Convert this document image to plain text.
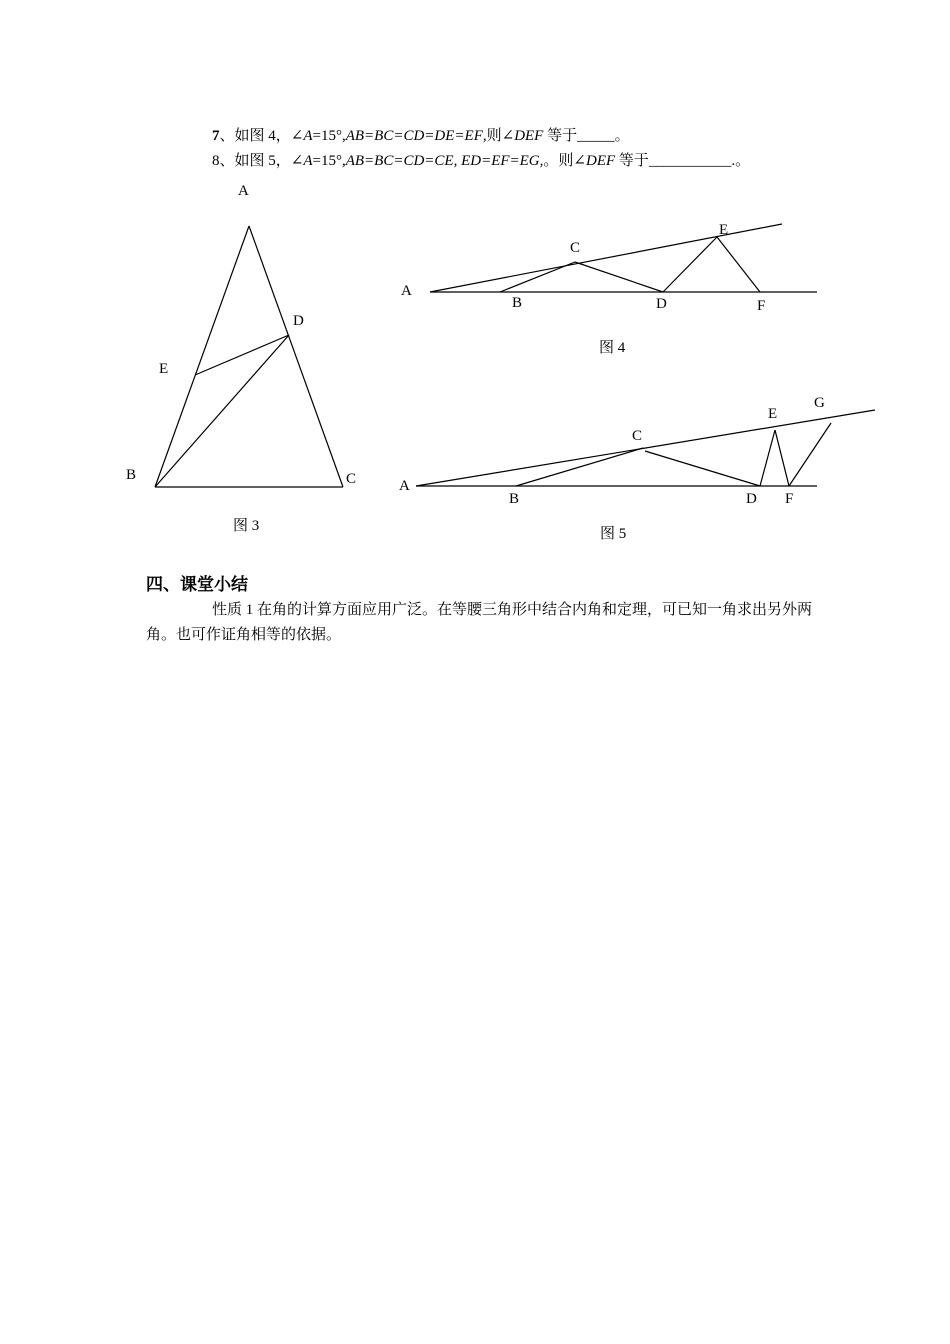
7、如图 4，∠A=15°,AB=BC=CD=DE=EF,则∠DEF 等于_____。
8、如图 5，∠A=15°,AB=BC=CD=CE, ED=EF=EG,。则∠DEF 等于___________.。
A
B	C
D
E
图 3
A
B
C
D
E
F
图 4
A
B
C
D
E
F
G
图 5
四、课堂小结
性质 1 在角的计算方面应用广泛。在等腰三角形中结合内角和定理，可已知一角求出另外两角。也可作证角相等的依据。
